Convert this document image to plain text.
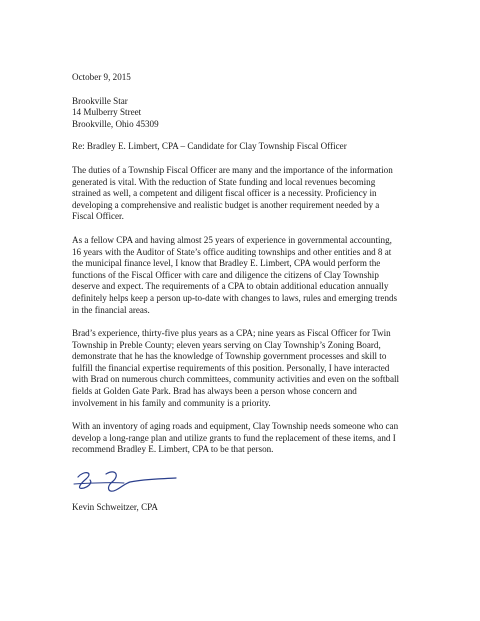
October 9, 2015
Brookville Star
14 Mulberry Street
Brookville, Ohio 45309
Re: Bradley E. Limbert, CPA – Candidate for Clay Township Fiscal Officer
The duties of a Township Fiscal Officer are many and the importance of the information
generated is vital. With the reduction of State funding and local revenues becoming
strained as well, a competent and diligent fiscal officer is a necessity. Proficiency in
developing a comprehensive and realistic budget is another requirement needed by a
Fiscal Officer.
As a fellow CPA and having almost 25 years of experience in governmental accounting,
16 years with the Auditor of State’s office auditing townships and other entities and 8 at
the municipal finance level, I know that Bradley E. Limbert, CPA would perform the
functions of the Fiscal Officer with care and diligence the citizens of Clay Township
deserve and expect. The requirements of a CPA to obtain additional education annually
definitely helps keep a person up-to-date with changes to laws, rules and emerging trends
in the financial areas.
Brad’s experience, thirty-five plus years as a CPA; nine years as Fiscal Officer for Twin
Township in Preble County; eleven years serving on Clay Township’s Zoning Board,
demonstrate that he has the knowledge of Township government processes and skill to
fulfill the financial expertise requirements of this position. Personally, I have interacted
with Brad on numerous church committees, community activities and even on the softball
fields at Golden Gate Park. Brad has always been a person whose concern and
involvement in his family and community is a priority.
With an inventory of aging roads and equipment, Clay Township needs someone who can
develop a long-range plan and utilize grants to fund the replacement of these items, and I
recommend Bradley E. Limbert, CPA to be that person.
Kevin Schweitzer, CPA
